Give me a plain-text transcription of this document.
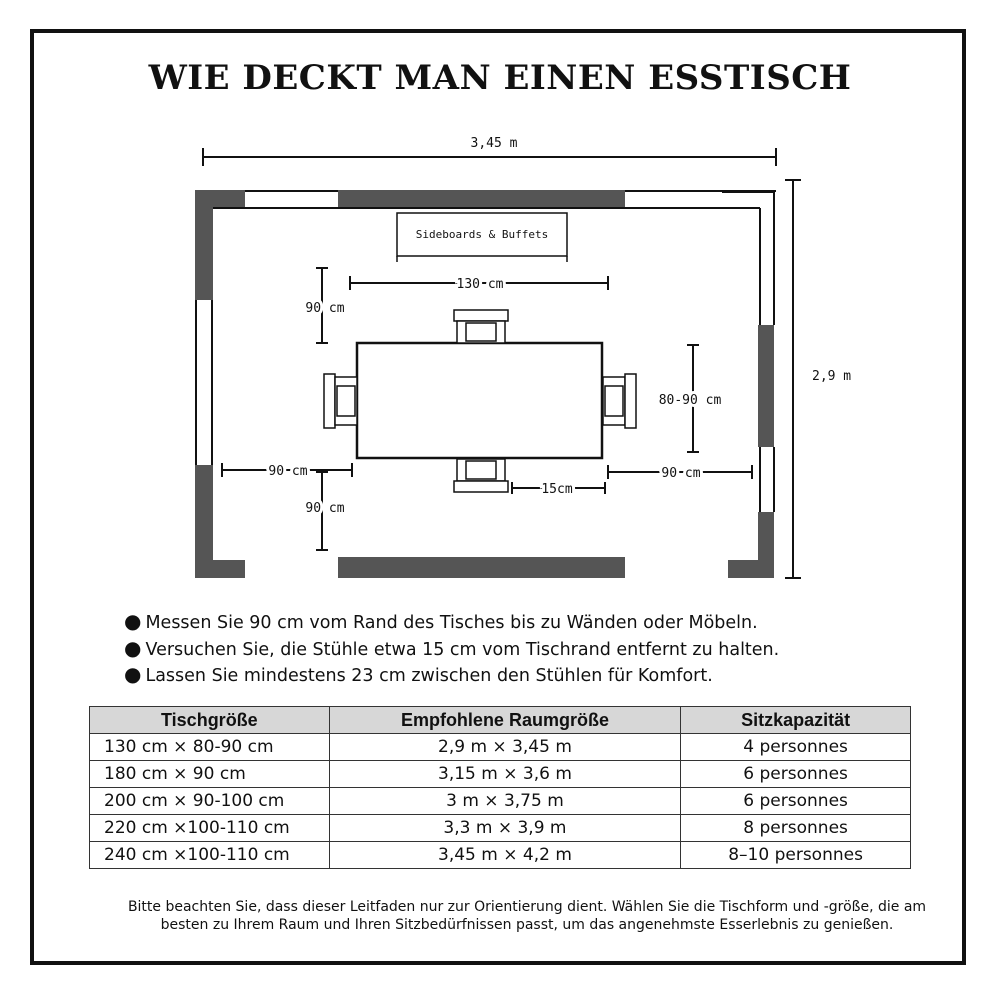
WIE DECKT MAN EINEN ESSTISCH
3,45 m
2,9 m
Sideboards & Buffets
130 cm
90 cm
90 cm
80-90 cm
90 cm	90 cm
15cm
● Messen Sie 90 cm vom Rand des Tisches bis zu Wänden oder Möbeln.
● Versuchen Sie, die Stühle etwa 15 cm vom Tischrand entfernt zu halten.
● Lassen Sie mindestens 23 cm zwischen den Stühlen für Komfort.
Tischgröße	Empfohlene Raumgröße	Sitzkapazität
130 cm × 80-90 cm	2,9 m × 3,45 m	4 personnes
180 cm × 90 cm	3,15 m × 3,6 m	6 personnes
200 cm × 90-100 cm	3 m × 3,75 m	6 personnes
220 cm ×100-110 cm	3,3 m × 3,9 m	8 personnes
240 cm ×100-110 cm	3,45 m × 4,2 m	8–10 personnes
Bitte beachten Sie, dass dieser Leitfaden nur zur Orientierung dient. Wählen Sie die Tischform und -größe, die am besten zu Ihrem Raum und Ihren Sitzbedürfnissen passt, um das angenehmste Esserlebnis zu genießen.
